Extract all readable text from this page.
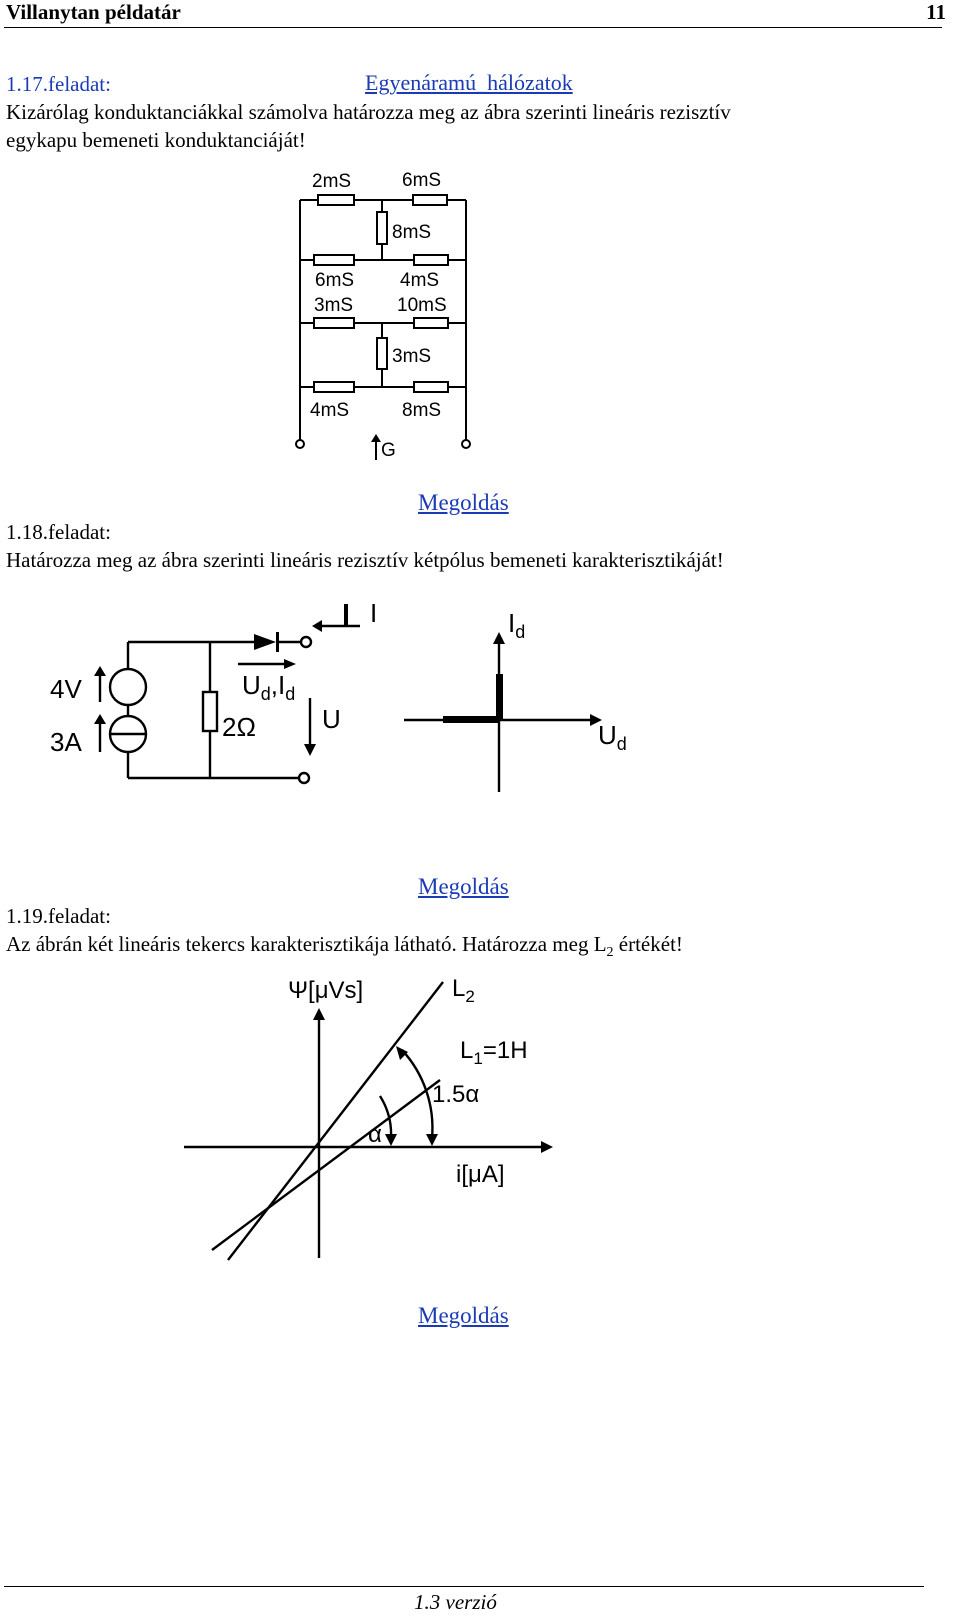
Villanytan példatár	11
1.17.feladat:	Egyenáramú_hálózatok
Kizárólag konduktanciákkal számolva határozza meg az ábra szerinti lineáris rezisztív
egykapu bemeneti konduktanciáját!
2mS	6mS
8mS
6mS 4mS
3mS 10mS
3mS
4mS	8mS
G
Megoldás
1.18.feladat:
Határozza meg az ábra szerinti lineáris rezisztív kétpólus bemeneti karakterisztikáját!
4V
3A	2Ω
$U_d,I_d$
U
I	$I_d$
$U_d$
Megoldás
1.19.feladat:
Az ábrán két lineáris tekercs karakterisztikája látható. Határozza meg $L_2$ értékét!
Ψ[μVs]
i[μA]
$L_2$
$L_1=1H$
1.5α
α
Megoldás
1.3 verzió
